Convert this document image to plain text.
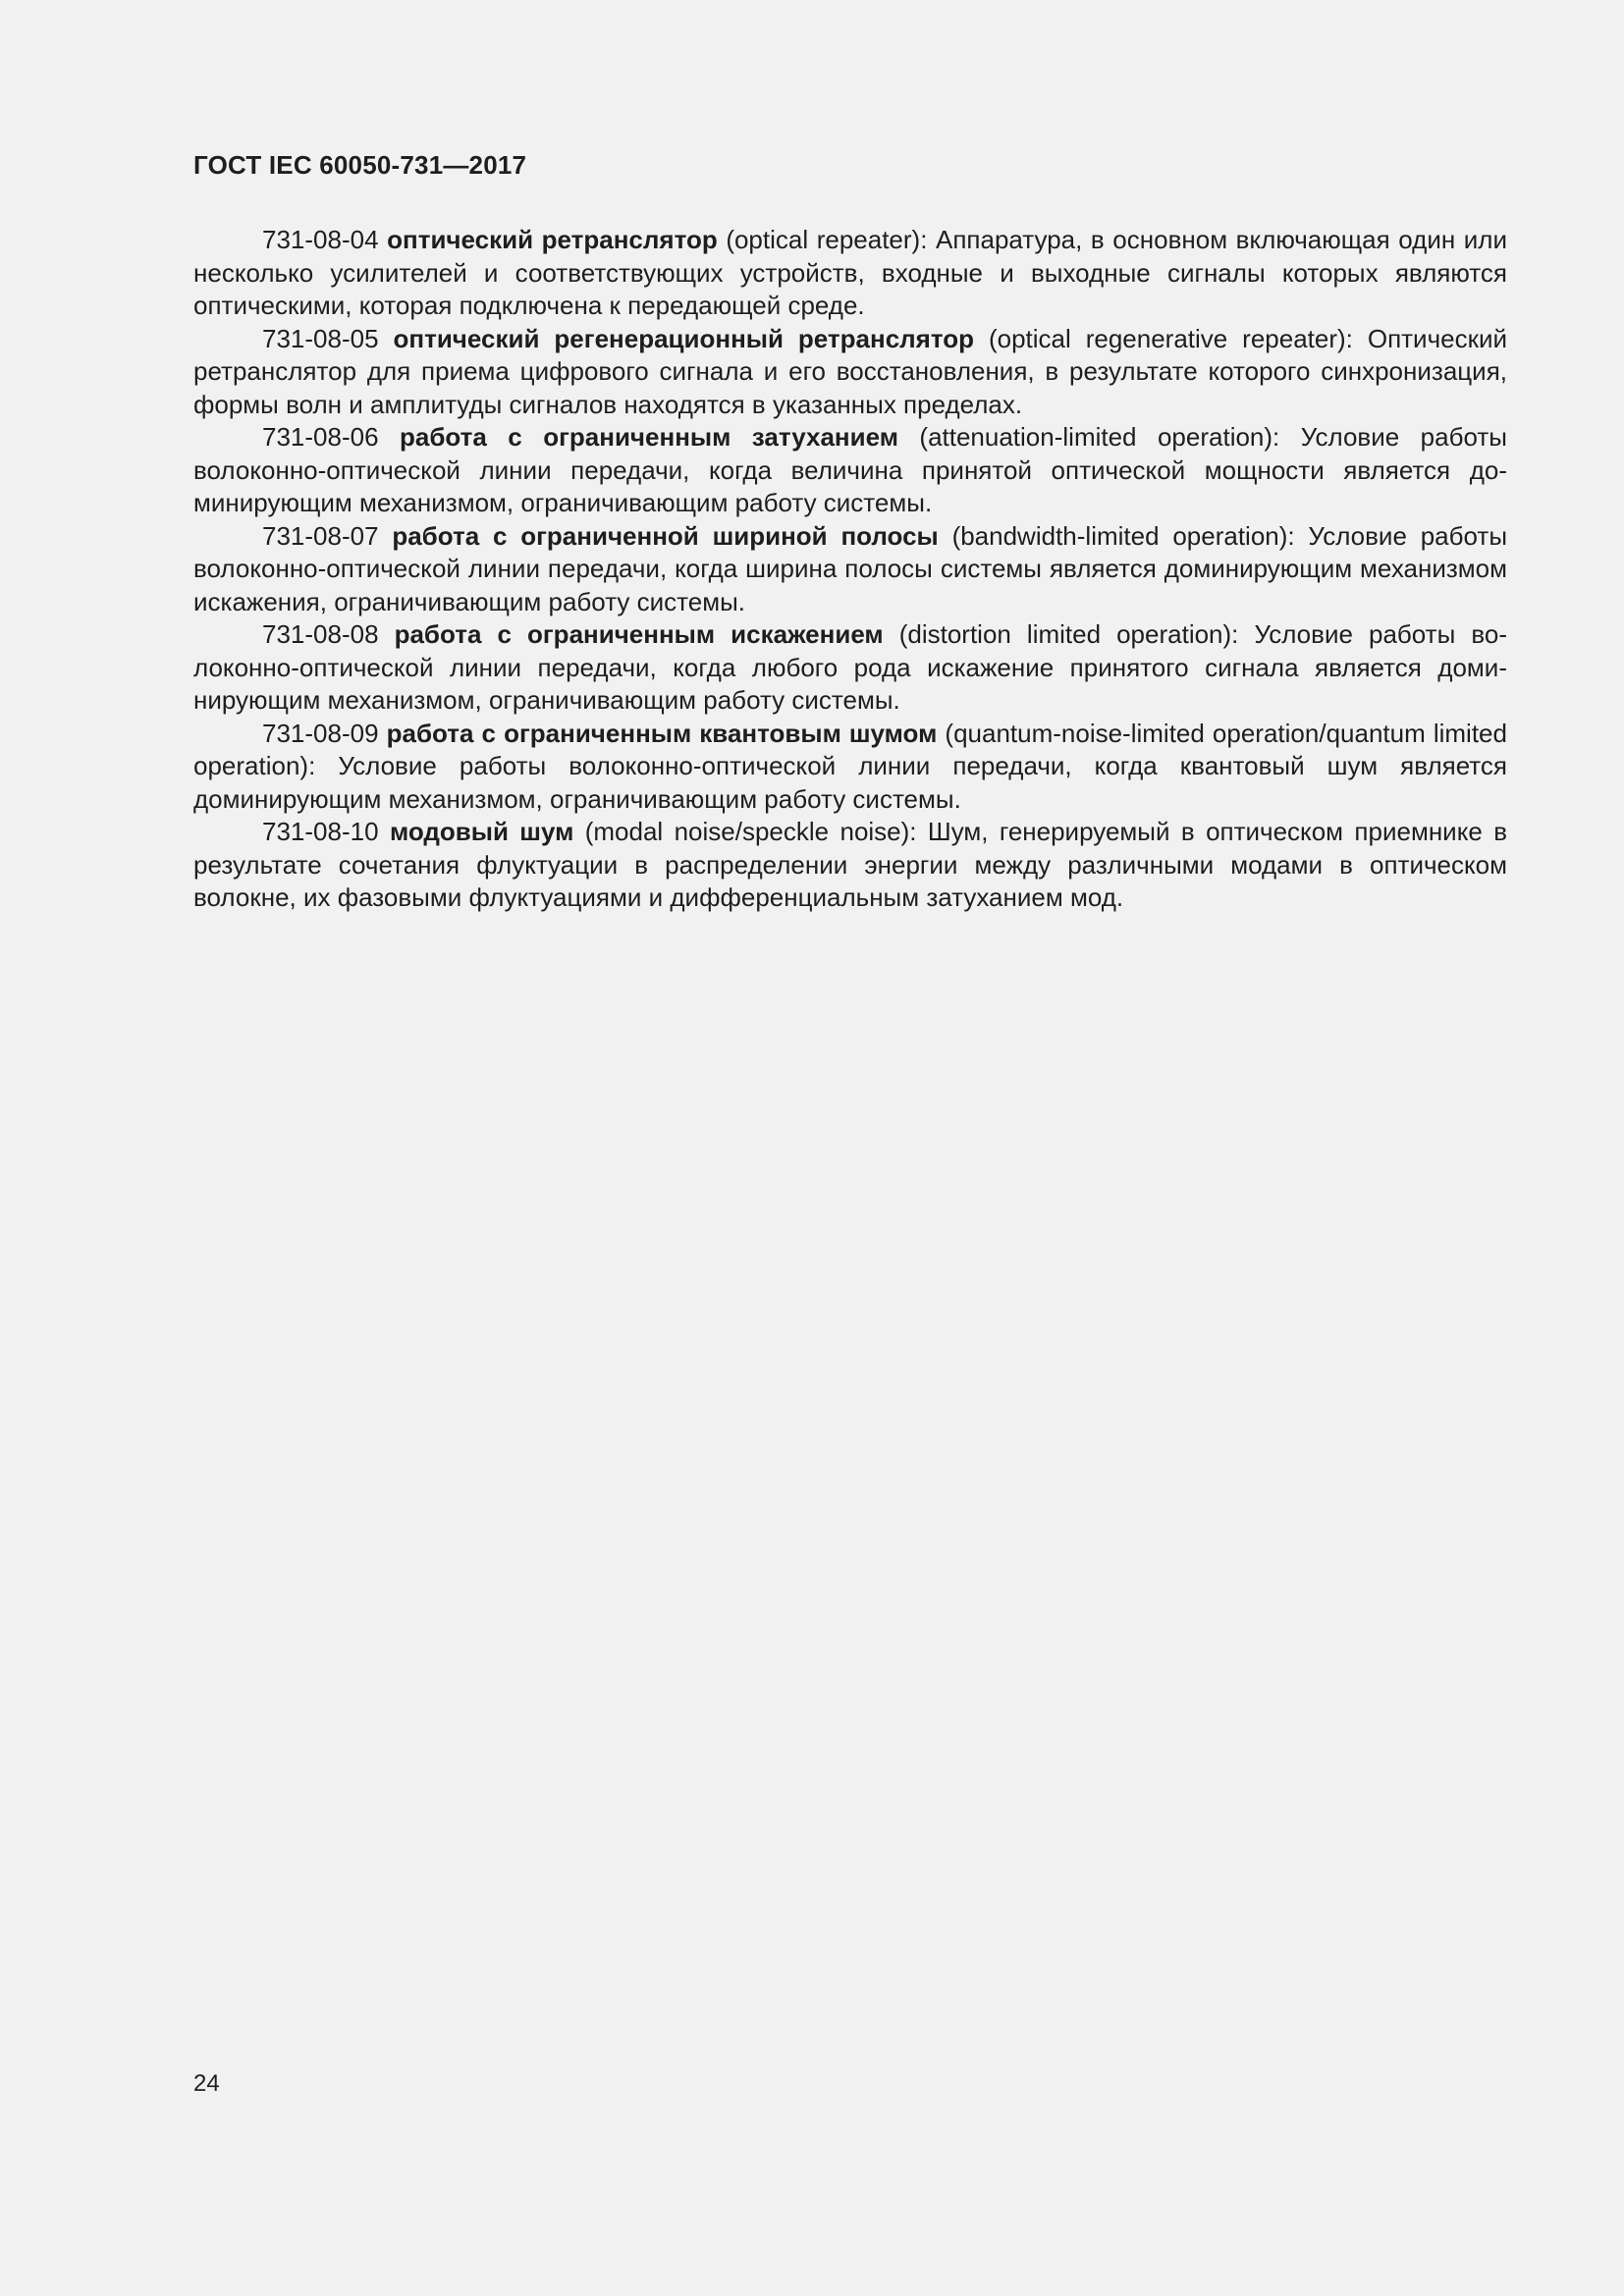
ГОСТ IEC 60050-731—2017

731-08-04 оптический ретранслятор (optical repeater): Аппаратура, в основном включающая один или несколько усилителей и соответствующих устройств, входные и выходные сигналы которых являются оптическими, которая подключена к передающей среде.

731-08-05 оптический регенерационный ретранслятор (optical regenerative repeater): Оптический ретранслятор для приема цифрового сигнала и его восстановления, в результате которого синхронизация, формы волн и амплитуды сигналов находятся в указанных пределах.

731-08-06 работа с ограниченным затуханием (attenuation-limited operation): Условие работы волоконно-оптической линии передачи, когда величина принятой оптической мощности является доминирующим механизмом, ограничивающим работу системы.

731-08-07 работа с ограниченной шириной полосы (bandwidth-limited operation): Условие работы волоконно-оптической линии передачи, когда ширина полосы системы является доминирующим механизмом искажения, ограничивающим работу системы.

731-08-08 работа с ограниченным искажением (distortion limited operation): Условие работы волоконно-оптической линии передачи, когда любого рода искажение принятого сигнала является доминирующим механизмом, ограничивающим работу системы.

731-08-09 работа с ограниченным квантовым шумом (quantum-noise-limited operation/quantum limited operation): Условие работы волоконно-оптической линии передачи, когда квантовый шум является доминирующим механизмом, ограничивающим работу системы.

731-08-10 модовый шум (modal noise/speckle noise): Шум, генерируемый в оптическом приемнике в результате сочетания флуктуации в распределении энергии между различными модами в оптическом волокне, их фазовыми флуктуациями и дифференциальным затуханием мод.

24
